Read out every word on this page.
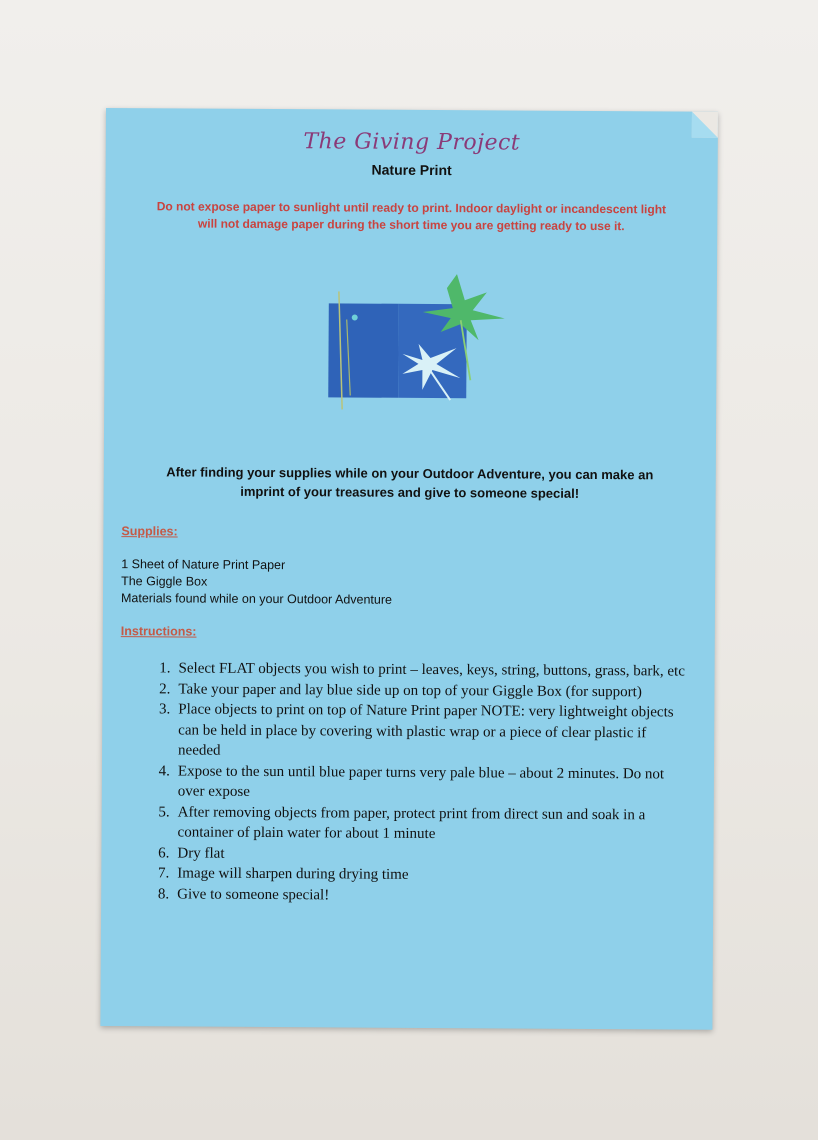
The Giving Project
Nature Print
Do not expose paper to sunlight until ready to print. Indoor daylight or incandescent light will not damage paper during the short time you are getting ready to use it.
After finding your supplies while on your Outdoor Adventure, you can make an imprint of your treasures and give to someone special!
Supplies:
1 Sheet of Nature Print Paper
The Giggle Box
Materials found while on your Outdoor Adventure
Instructions:
1. Select FLAT objects you wish to print – leaves, keys, string, buttons, grass, bark, etc
2. Take your paper and lay blue side up on top of your Giggle Box (for support)
3. Place objects to print on top of Nature Print paper NOTE: very lightweight objects can be held in place by covering with plastic wrap or a piece of clear plastic if needed
4. Expose to the sun until blue paper turns very pale blue – about 2 minutes. Do not over expose
5. After removing objects from paper, protect print from direct sun and soak in a container of plain water for about 1 minute
6. Dry flat
7. Image will sharpen during drying time
8. Give to someone special!
